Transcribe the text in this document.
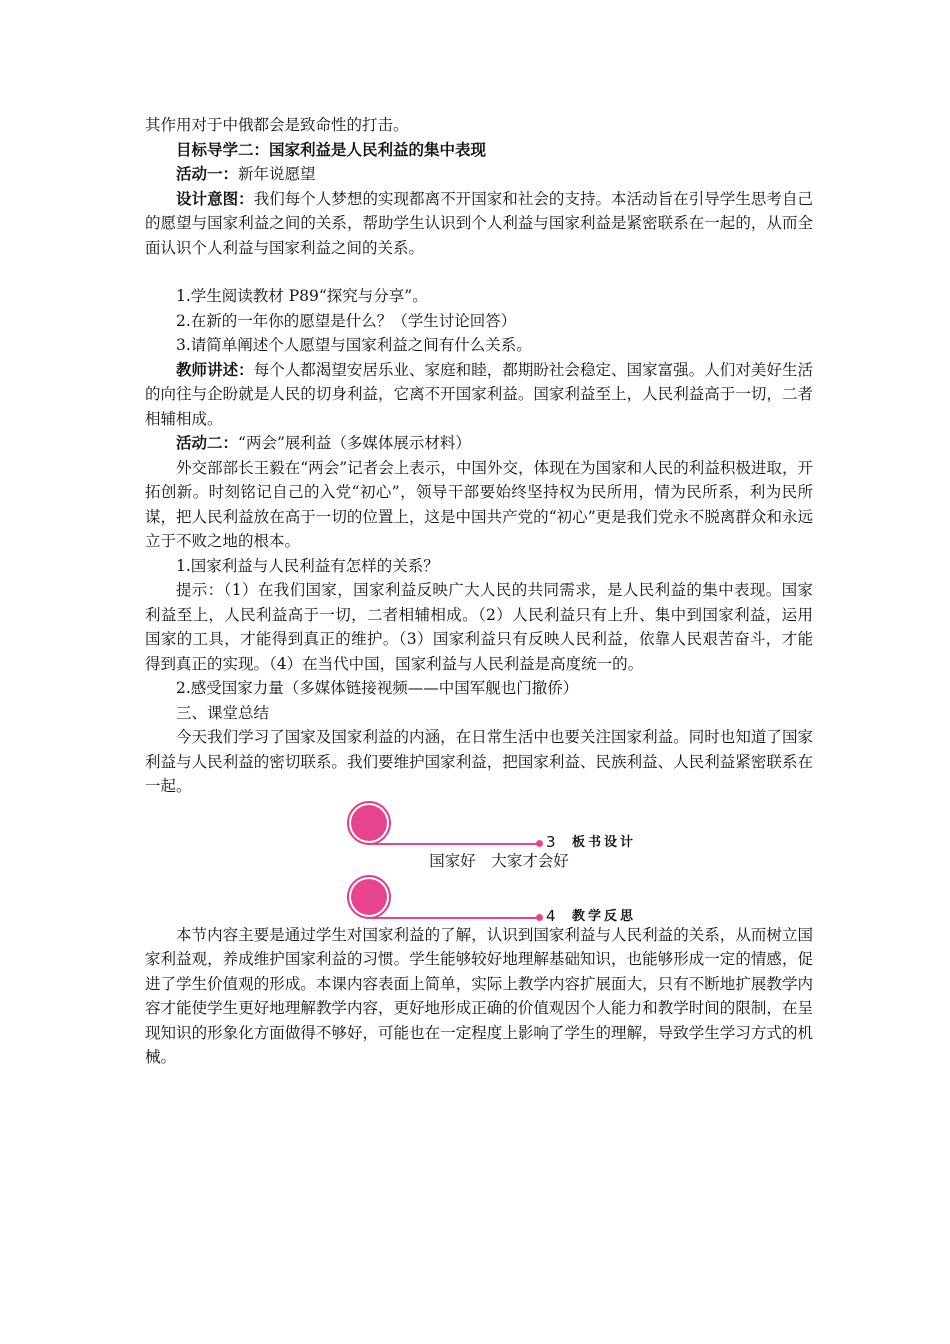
其作用对于中俄都会是致命性的打击。

目标导学二：国家利益是人民利益的集中表现

活动一：新年说愿望

设计意图：我们每个人梦想的实现都离不开国家和社会的支持。本活动旨在引导学生思考自己的愿望与国家利益之间的关系，帮助学生认识到个人利益与国家利益是紧密联系在一起的，从而全面认识个人利益与国家利益之间的关系。

1.学生阅读教材 P89“探究与分享”。

2.在新的一年你的愿望是什么？（学生讨论回答）

3.请简单阐述个人愿望与国家利益之间有什么关系。

教师讲述：每个人都渴望安居乐业、家庭和睦，都期盼社会稳定、国家富强。人们对美好生活的向往与企盼就是人民的切身利益，它离不开国家利益。国家利益至上，人民利益高于一切，二者相辅相成。

活动二：“两会”展利益（多媒体展示材料）

外交部部长王毅在“两会”记者会上表示，中国外交，体现在为国家和人民的利益积极进取，开拓创新。时刻铭记自己的入党“初心”，领导干部要始终坚持权为民所用，情为民所系，利为民所谋，把人民利益放在高于一切的位置上，这是中国共产党的“初心”更是我们党永不脱离群众和永远立于不败之地的根本。

1.国家利益与人民利益有怎样的关系？

提示：（1）在我们国家，国家利益反映广大人民的共同需求，是人民利益的集中表现。国家利益至上，人民利益高于一切，二者相辅相成。（2）人民利益只有上升、集中到国家利益，运用国家的工具，才能得到真正的维护。（3）国家利益只有反映人民利益，依靠人民艰苦奋斗，才能得到真正的实现。（4）在当代中国，国家利益与人民利益是高度统一的。

2.感受国家力量（多媒体链接视频——中国军舰也门撤侨）

三、课堂总结

今天我们学习了国家及国家利益的内涵，在日常生活中也要关注国家利益。同时也知道了国家利益与人民利益的密切联系。我们要维护国家利益，把国家利益、民族利益、人民利益紧密联系在一起。

3 板书设计

国家好　大家才会好

4 教学反思

本节内容主要是通过学生对国家利益的了解，认识到国家利益与人民利益的关系，从而树立国家利益观，养成维护国家利益的习惯。学生能够较好地理解基础知识，也能够形成一定的情感，促进了学生价值观的形成。本课内容表面上简单，实际上教学内容扩展面大，只有不断地扩展教学内容才能使学生更好地理解教学内容，更好地形成正确的价值观因个人能力和教学时间的限制，在呈现知识的形象化方面做得不够好，可能也在一定程度上影响了学生的理解，导致学生学习方式的机械。
